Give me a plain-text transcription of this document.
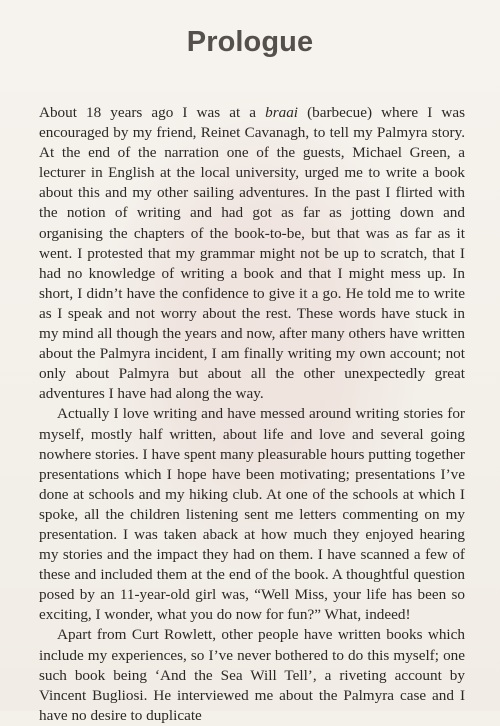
Prologue

About 18 years ago I was at a braai (barbecue) where I was encouraged by my friend, Reinet Cavanagh, to tell my Palmyra story. At the end of the narration one of the guests, Michael Green, a lecturer in English at the local university, urged me to write a book about this and my other sailing adventures. In the past I flirted with the notion of writing and had got as far as jotting down and organising the chapters of the book-to-be, but that was as far as it went. I protested that my grammar might not be up to scratch, that I had no knowledge of writing a book and that I might mess up. In short, I didn’t have the confidence to give it a go. He told me to write as I speak and not worry about the rest. These words have stuck in my mind all though the years and now, after many others have written about the Palmyra incident, I am finally writing my own account; not only about Palmyra but about all the other unexpectedly great adventures I have had along the way.

Actually I love writing and have messed around writing stories for myself, mostly half written, about life and love and several going nowhere stories. I have spent many pleasurable hours putting together presentations which I hope have been motivating; presentations I’ve done at schools and my hiking club. At one of the schools at which I spoke, all the children listening sent me letters commenting on my presentation. I was taken aback at how much they enjoyed hearing my stories and the impact they had on them. I have scanned a few of these and included them at the end of the book. A thoughtful question posed by an 11-year-old girl was, “Well Miss, your life has been so exciting, I wonder, what you do now for fun?” What, indeed!

Apart from Curt Rowlett, other people have written books which include my experiences, so I’ve never bothered to do this myself; one such book being ‘And the Sea Will Tell’, a riveting account by Vincent Bugliosi. He interviewed me about the Palmyra case and I have no desire to duplicate
